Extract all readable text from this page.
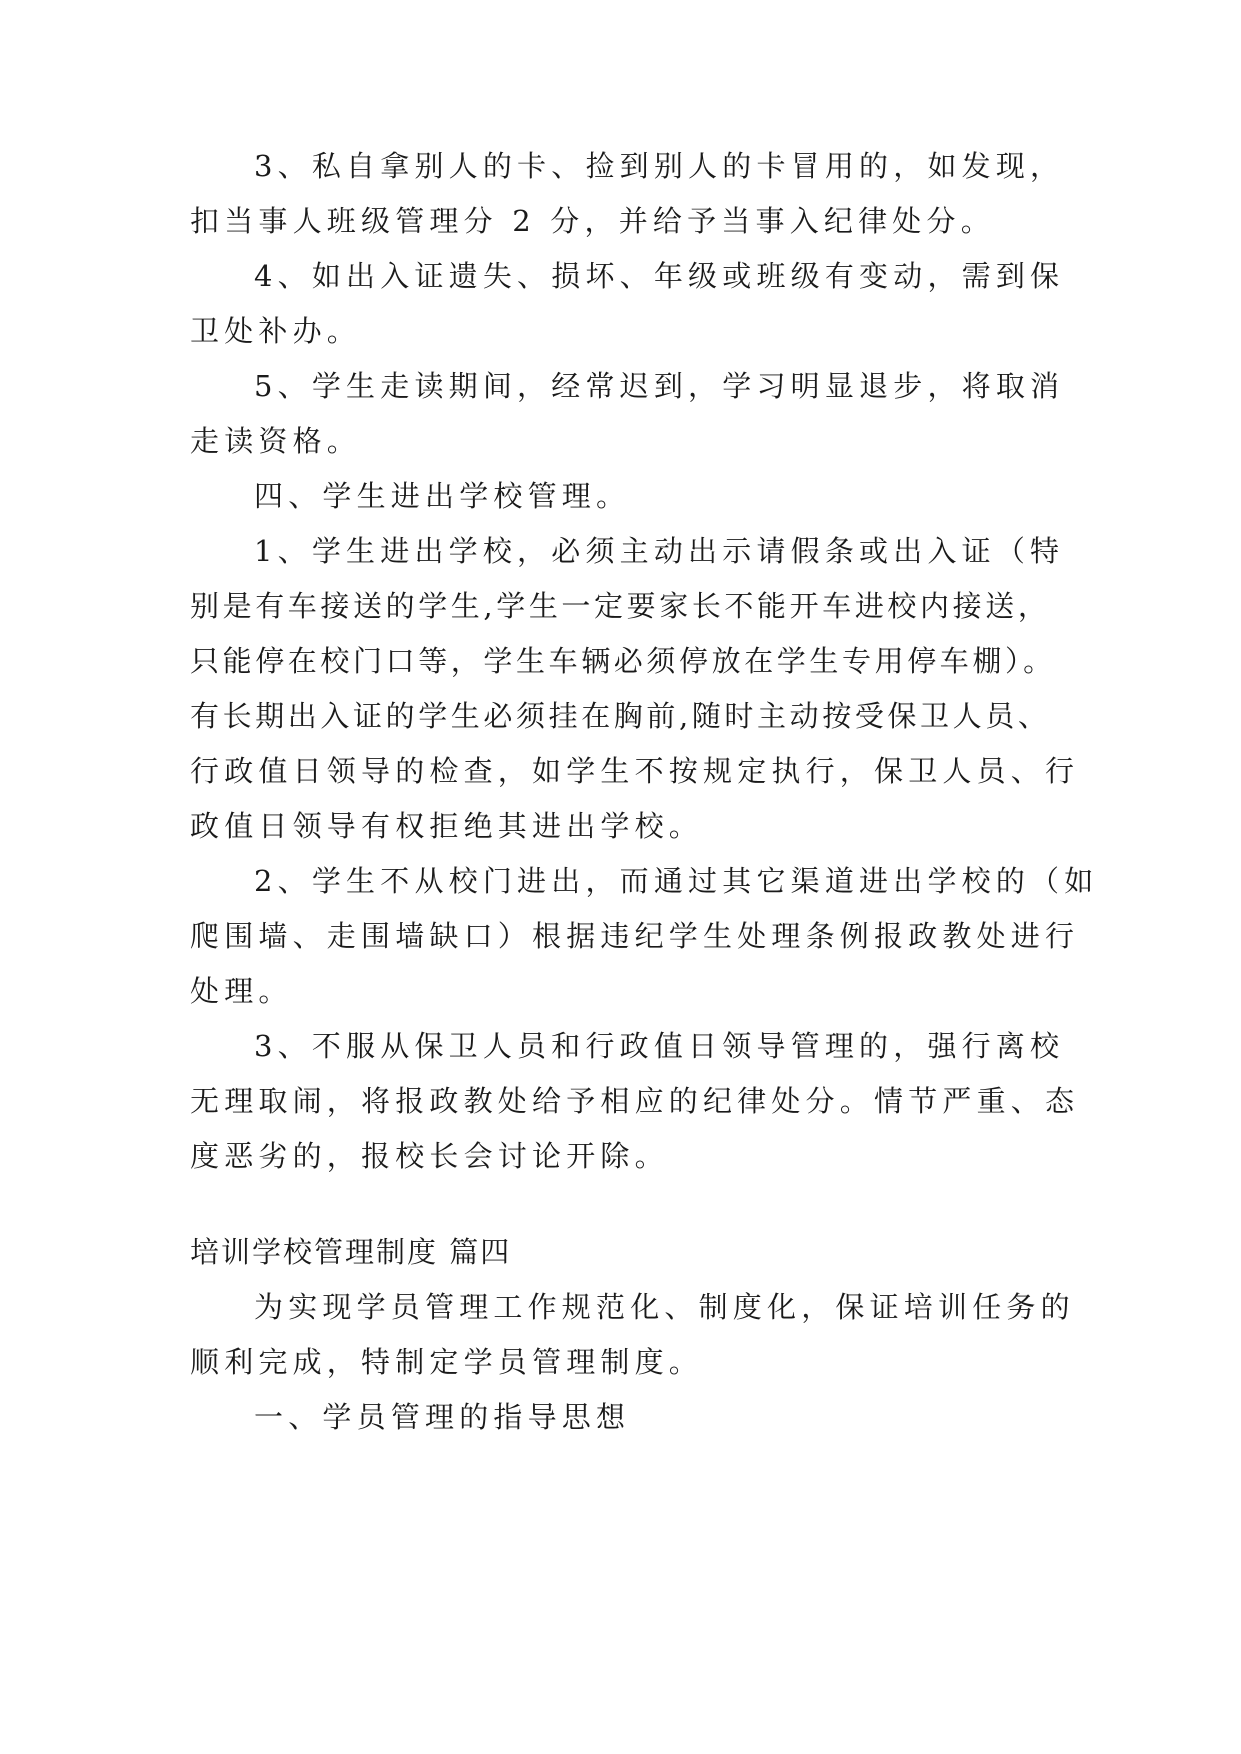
3、私自拿别人的卡、捡到别人的卡冒用的，如发现，
扣当事人班级管理分 2 分，并给予当事入纪律处分。
4、如出入证遗失、损坏、年级或班级有变动，需到保
卫处补办。
5、学生走读期间，经常迟到，学习明显退步，将取消
走读资格。
四、学生进出学校管理。
1、学生进出学校，必须主动出示请假条或出入证（特
别是有车接送的学生,学生一定要家长不能开车进校内接送，
只能停在校门口等，学生车辆必须停放在学生专用停车棚）。
有长期出入证的学生必须挂在胸前,随时主动按受保卫人员、
行政值日领导的检查，如学生不按规定执行，保卫人员、行
政值日领导有权拒绝其进出学校。
2、学生不从校门进出，而通过其它渠道进出学校的（如
爬围墙、走围墙缺口）根据违纪学生处理条例报政教处进行
处理。
3、不服从保卫人员和行政值日领导管理的，强行离校
无理取闹，将报政教处给予相应的纪律处分。情节严重、态
度恶劣的，报校长会讨论开除。
培训学校管理制度 篇四
为实现学员管理工作规范化、制度化，保证培训任务的
顺利完成，特制定学员管理制度。
一、学员管理的指导思想
